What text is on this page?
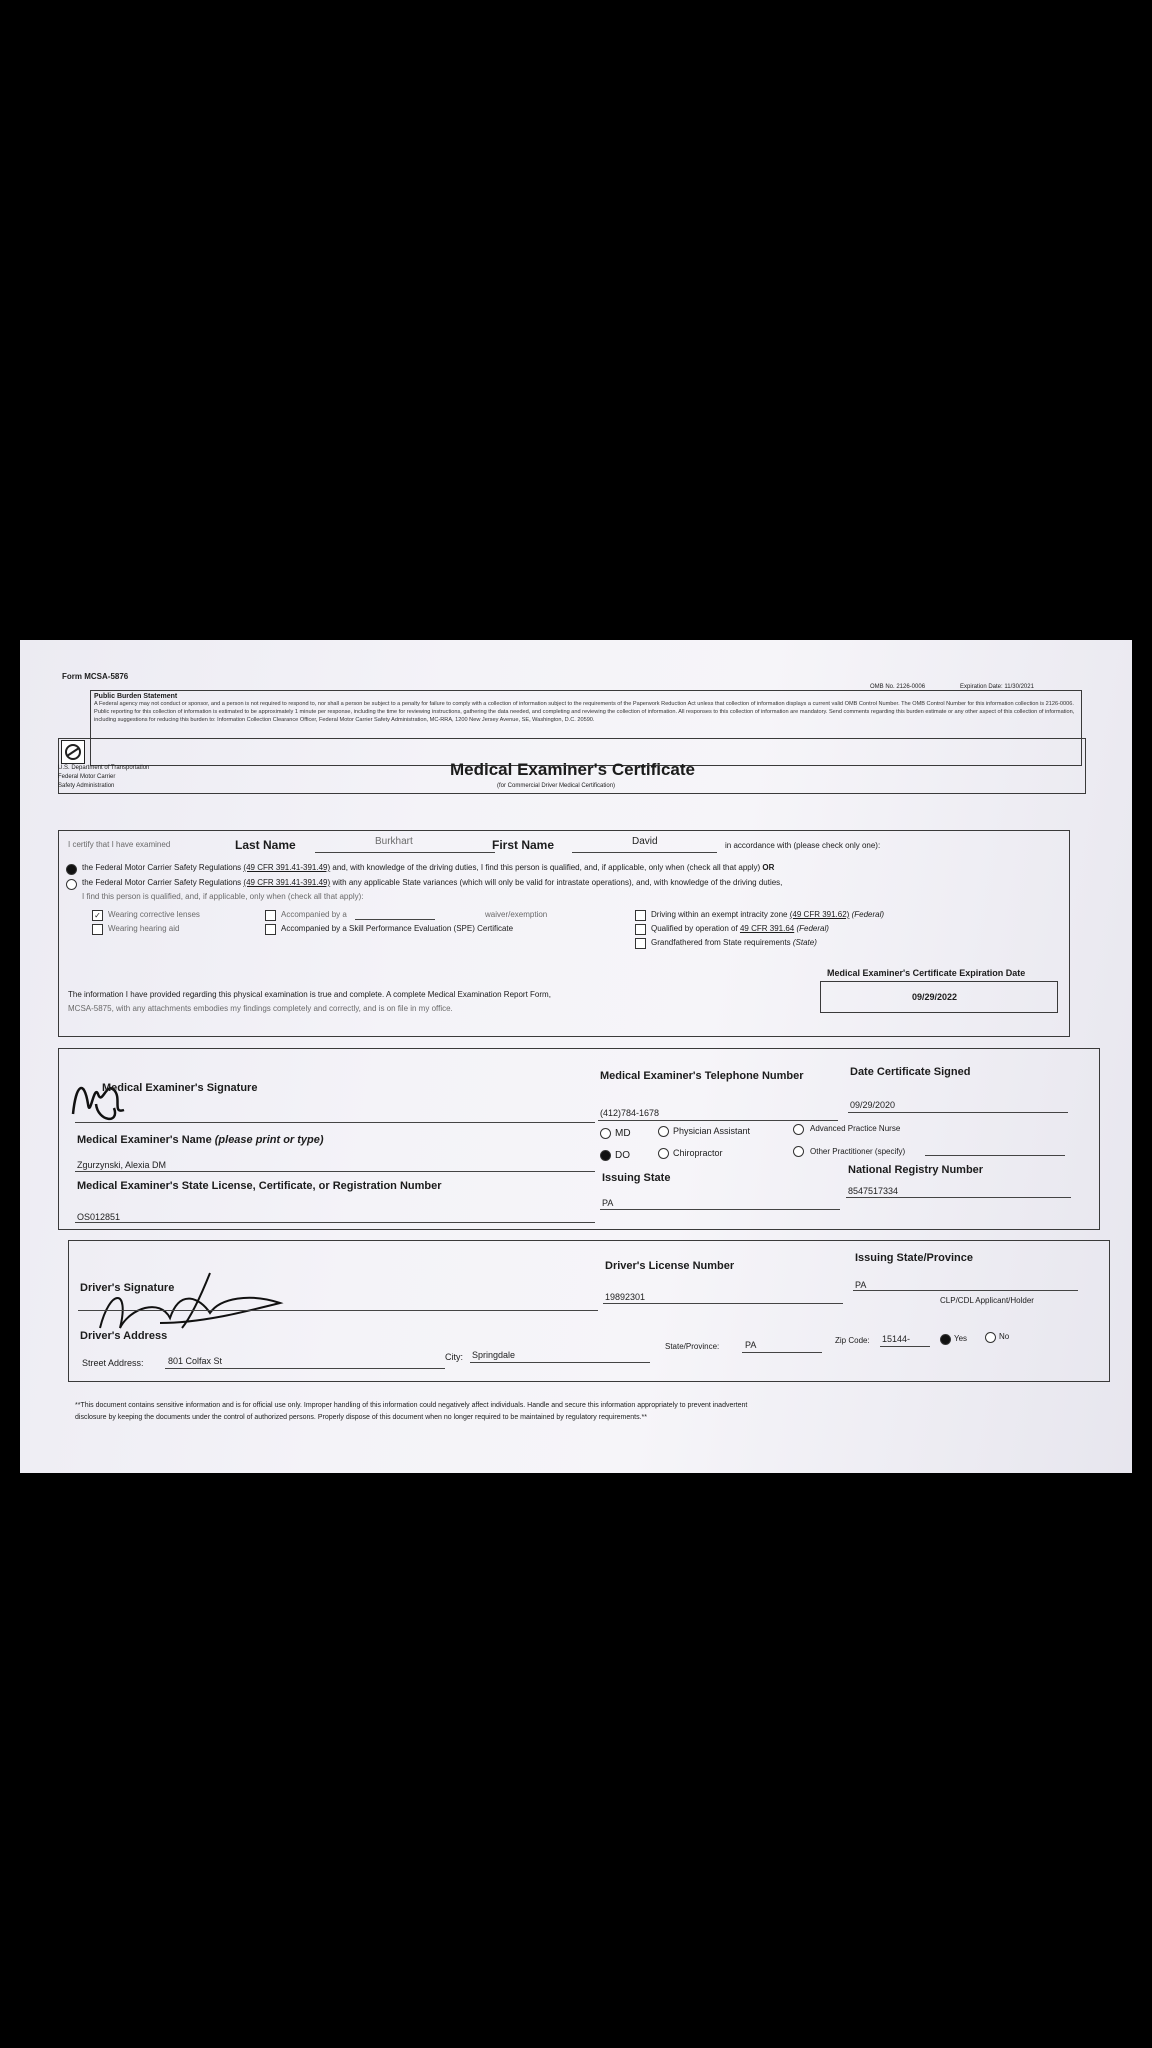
Form MCSA-5876
OMB No. 2126-0006	Expiration Date: 11/30/2021
Public Burden Statement

A Federal agency may not conduct or sponsor, and a person is not required to respond to, nor shall a person be subject to a penalty for failure to comply with a collection of information subject to the requirements of the Paperwork Reduction Act unless that collection of information displays a current valid OMB Control Number. The OMB Control Number for this information collection is 2126-0006. Public reporting for this collection of information is estimated to be approximately 1 minute per response, including the time for reviewing instructions, gathering the data needed, and completing and reviewing the collection of information. All responses to this collection of information are mandatory. Send comments regarding this burden estimate or any other aspect of this collection of information, including suggestions for reducing this burden to: Information Collection Clearance Officer, Federal Motor Carrier Safety Administration, MC-RRA, 1200 New Jersey Avenue, SE, Washington, D.C. 20590.

U.S. Department of Transportation
Federal Motor Carrier
Safety Administration
Medical Examiner's Certificate
(for Commercial Driver Medical Certification)
I certify that I have examined	Last Name	Burkhart	First Name	David	in accordance with (please check only one):
the Federal Motor Carrier Safety Regulations (49 CFR 391.41-391.49) and, with knowledge of the driving duties, I find this person is qualified, and, if applicable, only when (check all that apply) OR
the Federal Motor Carrier Safety Regulations (49 CFR 391.41-391.49) with any applicable State variances (which will only be valid for intrastate operations), and, with knowledge of the driving duties,
I find this person is qualified, and, if applicable, only when (check all that apply):
✓ Wearing corrective lenses
Wearing hearing aid
Accompanied by a	waiver/exemption
Accompanied by a Skill Performance Evaluation (SPE) Certificate
Driving within an exempt intracity zone (49 CFR 391.62) (Federal)
Qualified by operation of 49 CFR 391.64 (Federal)
Grandfathered from State requirements (State)
Medical Examiner's Certificate Expiration Date
09/29/2022
The information I have provided regarding this physical examination is true and complete. A complete Medical Examination Report Form,
MCSA-5875, with any attachments embodies my findings completely and correctly, and is on file in my office.
Medical Examiner's Signature
Medical Examiner's Telephone Number
(412)784-1678
Date Certificate Signed
09/29/2020
Medical Examiner's Name (please print or type)
Zgurzynski, Alexia DM
MD
DO
Physician Assistant
Chiropractor
Advanced Practice Nurse
Other Practitioner (specify)
Medical Examiner's State License, Certificate, or Registration Number
OS012851
Issuing State
PA
National Registry Number
8547517334
Driver's Signature
Driver's License Number
19892301
Issuing State/Province
PA
CLP/CDL Applicant/Holder
Driver's Address
Street Address:	801 Colfax St	City: Springdale
State/Province:	PA	Zip Code: 15144-	Yes	No
**This document contains sensitive information and is for official use only. Improper handling of this information could negatively affect individuals. Handle and secure this information appropriately to prevent inadvertent
disclosure by keeping the documents under the control of authorized persons. Properly dispose of this document when no longer required to be maintained by regulatory requirements.**
